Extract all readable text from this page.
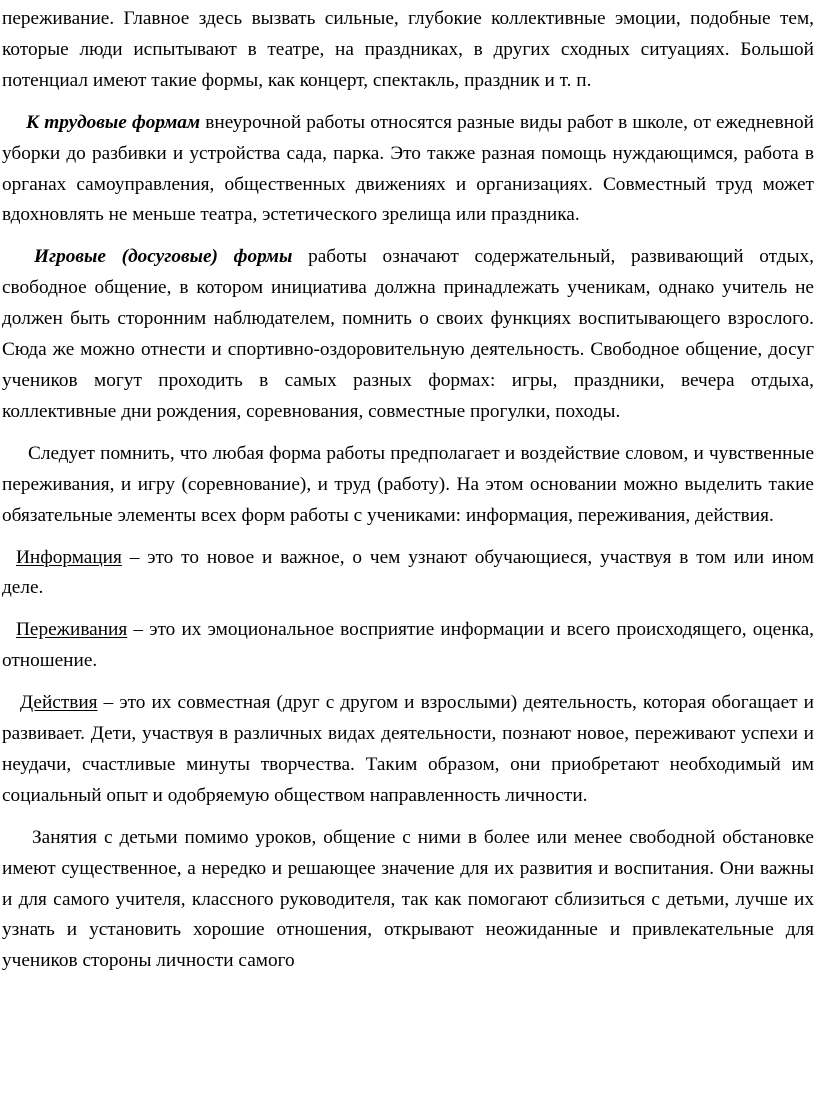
переживание. Главное здесь вызвать сильные, глубокие коллективные эмоции, подобные тем, которые люди испытывают в театре, на праздниках, в других сходных ситуациях. Большой потенциал имеют такие формы, как концерт, спектакль, праздник и т. п.

К трудовые формам внеурочной работы относятся разные виды работ в школе, от ежедневной уборки до разбивки и устройства сада, парка. Это также разная помощь нуждающимся, работа в органах самоуправления, общественных движениях и организациях. Совместный труд может вдохновлять не меньше театра, эстетического зрелища или праздника.

Игровые (досуговые) формы работы означают содержательный, развивающий отдых, свободное общение, в котором инициатива должна принадлежать ученикам, однако учитель не должен быть сторонним наблюдателем, помнить о своих функциях воспитывающего взрослого. Сюда же можно отнести и спортивно-оздоровительную деятельность. Свободное общение, досуг учеников могут проходить в самых разных формах: игры, праздники, вечера отдыха, коллективные дни рождения, соревнования, совместные прогулки, походы.

Следует помнить, что любая форма работы предполагает и воздействие словом, и чувственные переживания, и игру (соревнование), и труд (работу). На этом основании можно выделить такие обязательные элементы всех форм работы с учениками: информация, переживания, действия.

Информация – это то новое и важное, о чем узнают обучающиеся, участвуя в том или ином деле.

Переживания – это их эмоциональное восприятие информации и всего происходящего, оценка, отношение.

Действия – это их совместная (друг с другом и взрослыми) деятельность, которая обогащает и развивает. Дети, участвуя в различных видах деятельности, познают новое, переживают успехи и неудачи, счастливые минуты творчества. Таким образом, они приобретают необходимый им социальный опыт и одобряемую обществом направленность личности.

Занятия с детьми помимо уроков, общение с ними в более или менее свободной обстановке имеют существенное, а нередко и решающее значение для их развития и воспитания. Они важны и для самого учителя, классного руководителя, так как помогают сблизиться с детьми, лучше их узнать и установить хорошие отношения, открывают неожиданные и привлекательные для учеников стороны личности самого
